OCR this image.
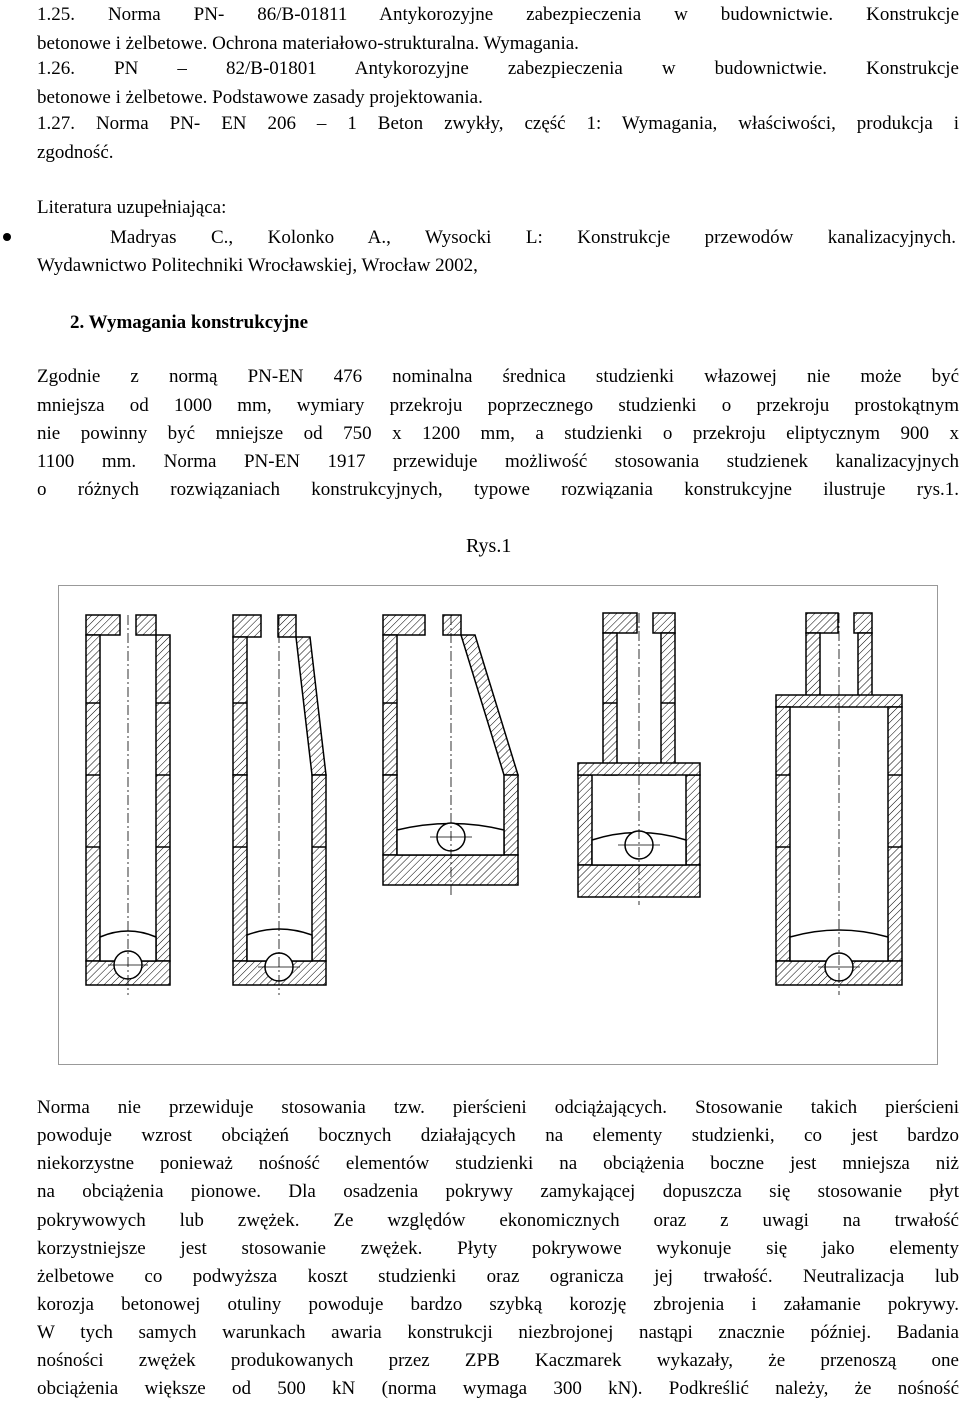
1.25. Norma PN- 86/B-01811 Antykorozyjne zabezpieczenia w budownictwie. Konstrukcje
betonowe i żelbetowe. Ochrona materiałowo-strukturalna. Wymagania.
1.26. PN – 82/B-01801 Antykorozyjne zabezpieczenia w budownictwie. Konstrukcje
betonowe i żelbetowe. Podstawowe zasady projektowania.
1.27. Norma PN- EN 206 – 1 Beton zwykły, część 1: Wymagania, właściwości, produkcja i
zgodność.
Literatura uzupełniająca:
Madryas C., Kolonko A., Wysocki L: Konstrukcje przewodów kanalizacyjnych.
Wydawnictwo Politechniki Wrocławskiej, Wrocław 2002,
2. Wymagania konstrukcyjne
Zgodnie z normą PN-EN 476 nominalna średnica studzienki włazowej nie może być
mniejsza od 1000 mm, wymiary przekroju poprzecznego studzienki o przekroju prostokątnym
nie powinny być mniejsze od 750 x 1200 mm, a studzienki o przekroju eliptycznym 900 x
1100 mm. Norma PN-EN 1917 przewiduje możliwość stosowania studzienek kanalizacyjnych
o różnych rozwiązaniach konstrukcyjnych, typowe rozwiązania konstrukcyjne ilustruje rys.1.
Rys.1
Norma nie przewiduje stosowania tzw. pierścieni odciążających. Stosowanie takich pierścieni
powoduje wzrost obciążeń bocznych działających na elementy studzienki, co jest bardzo
niekorzystne ponieważ nośność elementów studzienki na obciążenia boczne jest mniejsza niż
na obciążenia pionowe. Dla osadzenia pokrywy zamykającej dopuszcza się stosowanie płyt
pokrywowych lub zwężek. Ze względów ekonomicznych oraz z uwagi na trwałość
korzystniejsze jest stosowanie zwężek. Płyty pokrywowe wykonuje się jako elementy
żelbetowe co podwyższa koszt studzienki oraz ogranicza jej trwałość. Neutralizacja lub
korozja betonowej otuliny powoduje bardzo szybką korozję zbrojenia i załamanie pokrywy.
W tych samych warunkach awaria konstrukcji niezbrojonej nastąpi znacznie później. Badania
nośności zwężek produkowanych przez ZPB Kaczmarek wykazały, że przenoszą one
obciążenia większe od 500 kN (norma wymaga 300 kN). Podkreślić należy, że nośność
